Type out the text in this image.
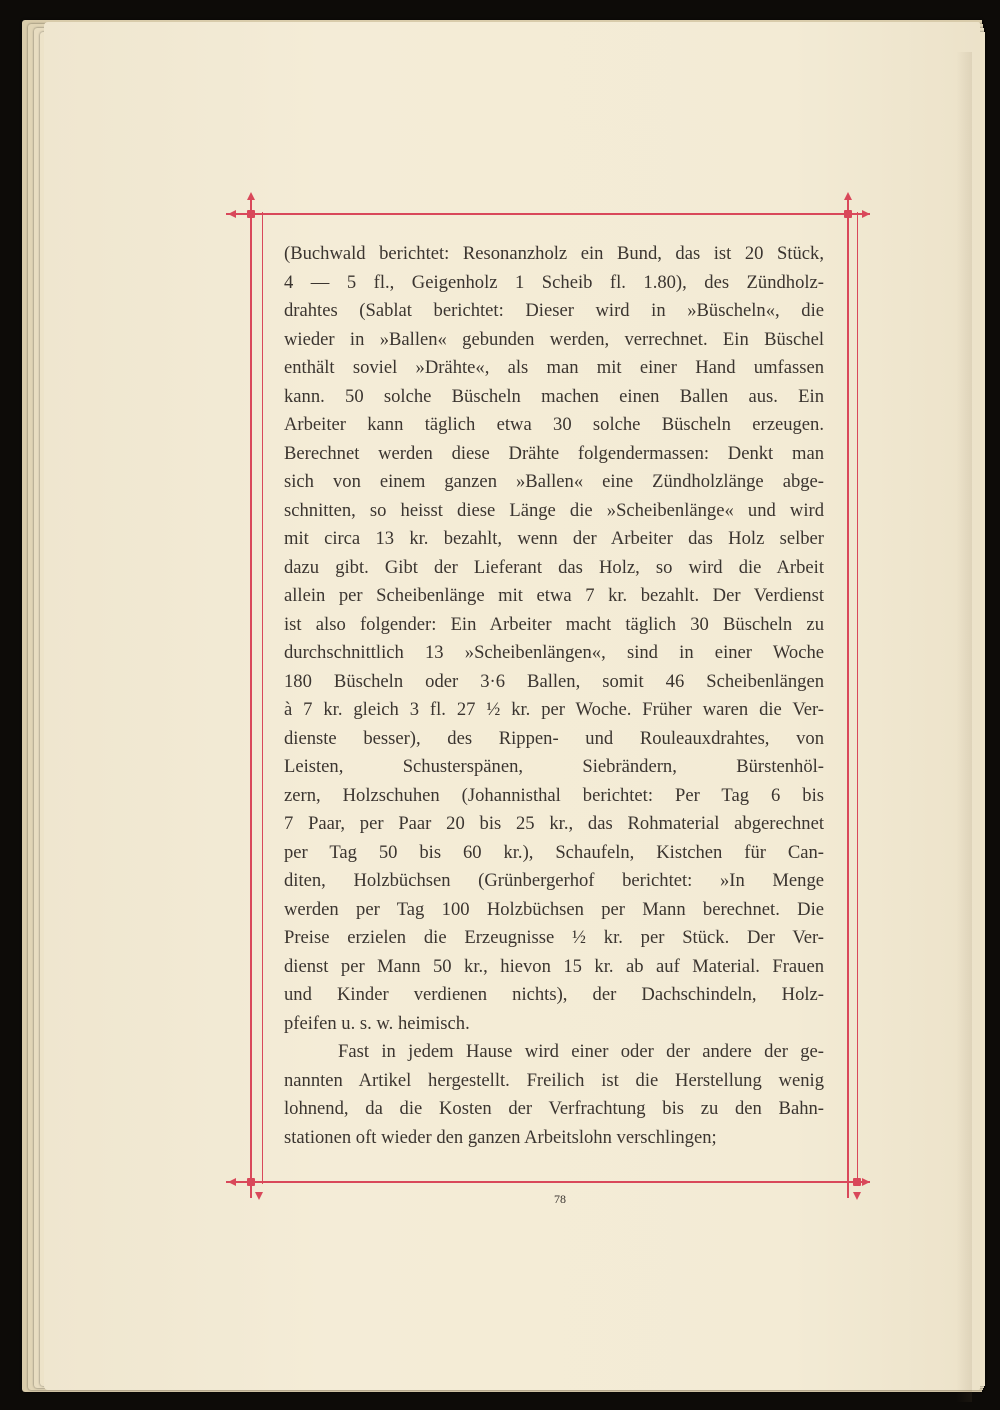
(Buchwald berichtet: Resonanzholz ein Bund, das ist 20 Stück,

4 — 5 fl., Geigenholz 1 Scheib fl. 1.80), des Zündholz-

drahtes (Sablat berichtet: Dieser wird in »Büscheln«, die

wieder in »Ballen« gebunden werden, verrechnet. Ein Büschel

enthält soviel »Drähte«, als man mit einer Hand umfassen

kann. 50 solche Büscheln machen einen Ballen aus. Ein

Arbeiter kann täglich etwa 30 solche Büscheln erzeugen.

Berechnet werden diese Drähte folgendermassen: Denkt man

sich von einem ganzen »Ballen« eine Zündholzlänge abge-

schnitten, so heisst diese Länge die »Scheibenlänge« und wird

mit circa 13 kr. bezahlt, wenn der Arbeiter das Holz selber

dazu gibt. Gibt der Lieferant das Holz, so wird die Arbeit

allein per Scheibenlänge mit etwa 7 kr. bezahlt. Der Verdienst

ist also folgender: Ein Arbeiter macht täglich 30 Büscheln zu

durchschnittlich 13 »Scheibenlängen«, sind in einer Woche

180 Büscheln oder 3·6 Ballen, somit 46 Scheibenlängen

à 7 kr. gleich 3 fl. 27 ½ kr. per Woche. Früher waren die Ver-

dienste besser), des Rippen- und Rouleauxdrahtes, von

Leisten, Schusterspänen, Siebrändern, Bürstenhöl-

zern, Holzschuhen (Johannisthal berichtet: Per Tag 6 bis

7 Paar, per Paar 20 bis 25 kr., das Rohmaterial abgerechnet

per Tag 50 bis 60 kr.), Schaufeln, Kistchen für Can-

diten, Holzbüchsen (Grünbergerhof berichtet: »In Menge

werden per Tag 100 Holzbüchsen per Mann berechnet. Die

Preise erzielen die Erzeugnisse ½ kr. per Stück. Der Ver-

dienst per Mann 50 kr., hievon 15 kr. ab auf Material. Frauen

und Kinder verdienen nichts), der Dachschindeln, Holz-

pfeifen u. s. w. heimisch.

Fast in jedem Hause wird einer oder der andere der ge-

nannten Artikel hergestellt. Freilich ist die Herstellung wenig

lohnend, da die Kosten der Verfrachtung bis zu den Bahn-

stationen oft wieder den ganzen Arbeitslohn verschlingen;

78
